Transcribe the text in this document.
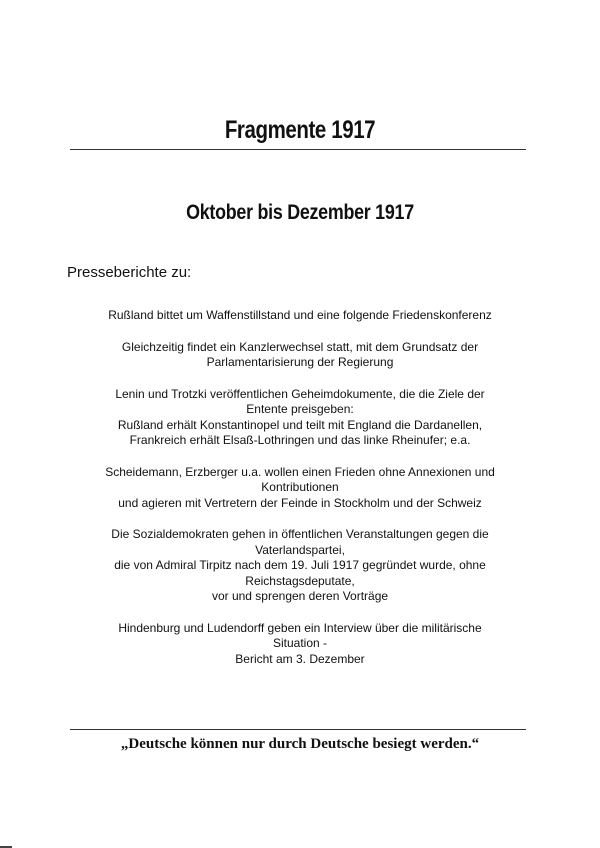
Fragmente 1917
Oktober bis Dezember 1917
Presseberichte zu:

Rußland bittet um Waffenstillstand und eine folgende Friedenskonferenz

Gleichzeitig findet ein Kanzlerwechsel statt, mit dem Grundsatz der

Parlamentarisierung der Regierung

Lenin und Trotzki veröffentlichen Geheimdokumente, die die Ziele der

Entente preisgeben:

Rußland erhält Konstantinopel und teilt mit England die Dardanellen,

Frankreich erhält Elsaß-Lothringen und das linke Rheinufer; e.a.

Scheidemann, Erzberger u.a. wollen einen Frieden ohne Annexionen und

Kontributionen

und agieren mit Vertretern der Feinde in Stockholm und der Schweiz

Die Sozialdemokraten gehen in öffentlichen Veranstaltungen gegen die

Vaterlandspartei,

die von Admiral Tirpitz nach dem 19. Juli 1917 gegründet wurde, ohne

Reichstagsdeputate,

vor und sprengen deren Vorträge

Hindenburg und Ludendorff geben ein Interview über die militärische

Situation -

Bericht am 3. Dezember

„Deutsche können nur durch Deutsche besiegt werden.“
